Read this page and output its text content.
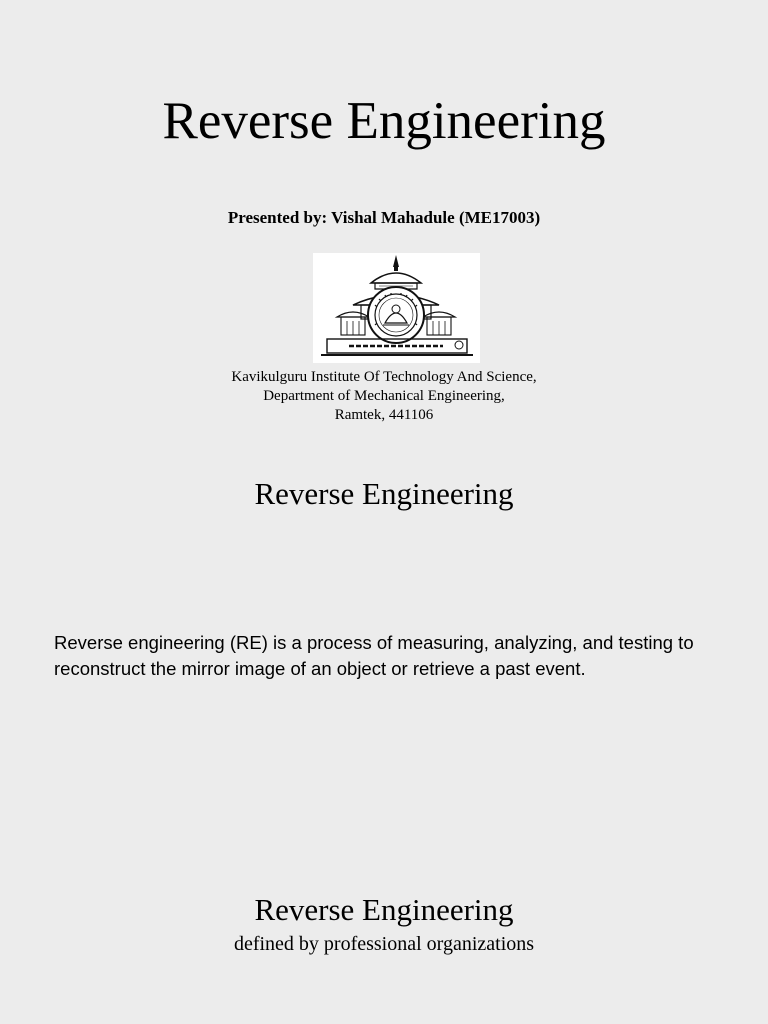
Reverse Engineering
Presented by: Vishal Mahadule (ME17003)
Kavikulguru Institute Of Technology And Science,
Department of Mechanical Engineering,
Ramtek, 441106
Reverse Engineering
Reverse engineering (RE) is a process of measuring, analyzing, and testing to reconstruct the mirror image of an object or retrieve a past event.
Reverse Engineering
defined by professional organizations
